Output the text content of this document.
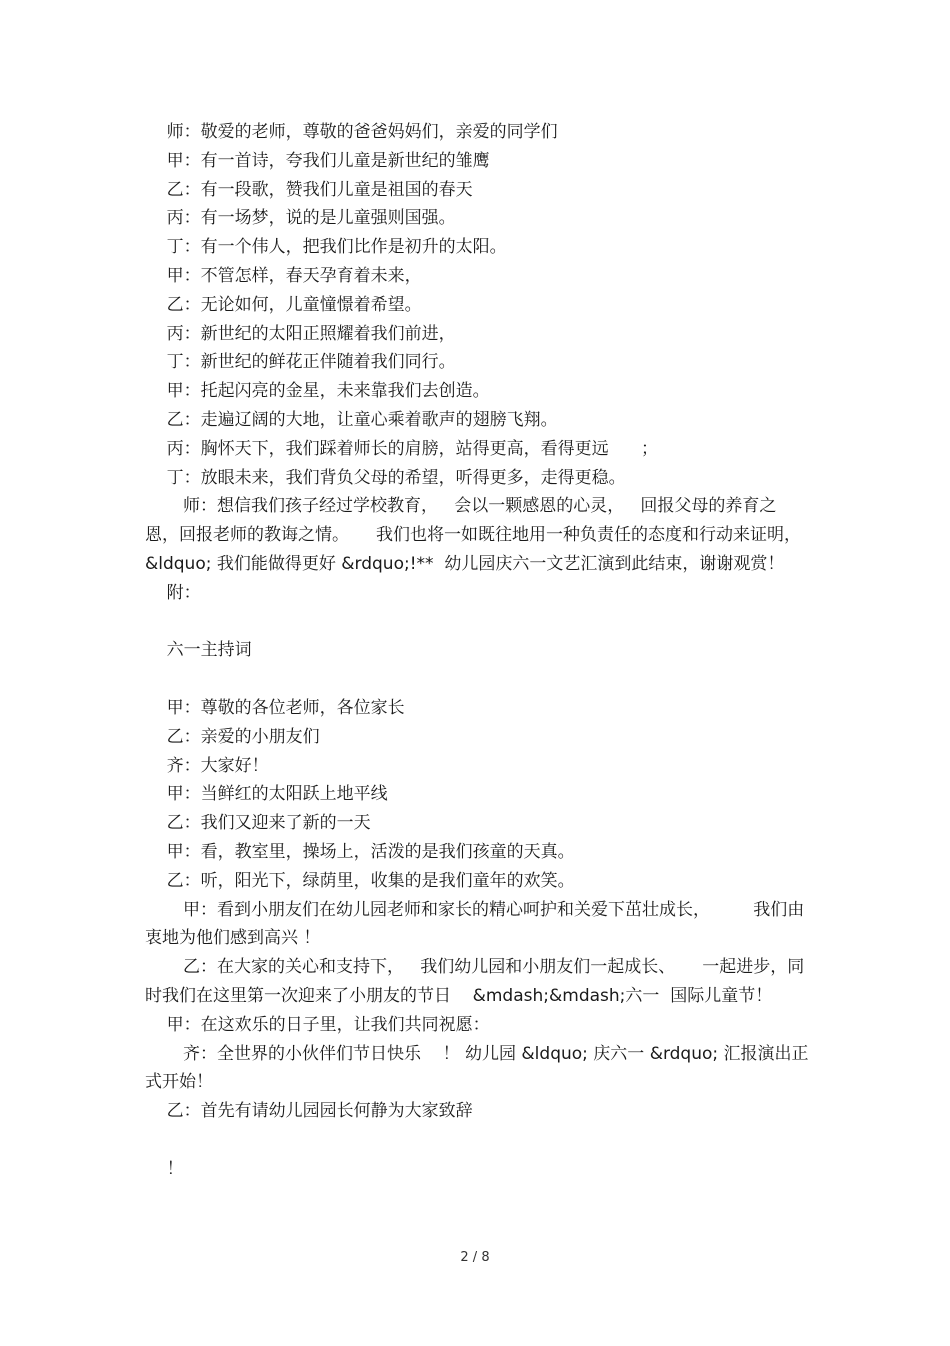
师：敬爱的老师，尊敬的爸爸妈妈们，亲爱的同学们
甲：有一首诗，夸我们儿童是新世纪的雏鹰
乙：有一段歌，赞我们儿童是祖国的春天
丙：有一场梦，说的是儿童强则国强。
丁：有一个伟人，把我们比作是初升的太阳。
甲：不管怎样，春天孕育着未来，
乙：无论如何，儿童憧憬着希望。
丙：新世纪的太阳正照耀着我们前进，
丁：新世纪的鲜花正伴随着我们同行。
甲：托起闪亮的金星，未来靠我们去创造。
乙：走遍辽阔的大地，让童心乘着歌声的翅膀飞翔。
丙：胸怀天下，我们踩着师长的肩膀，站得更高，看得更远      ；
丁：放眼未来，我们背负父母的希望，听得更多，走得更稳。
师：想信我们孩子经过学校教育，   会以一颗感恩的心灵，   回报父母的养育之恩，回报老师的教诲之情。     我们也将一如既往地用一种负责任的态度和行动来证明， &ldquo; 我们能做得更好 &rdquo;!**  幼儿园庆六一文艺汇演到此结束，谢谢观赏！
附：
六一主持词
甲：尊敬的各位老师，各位家长
乙：亲爱的小朋友们
齐：大家好！
甲：当鲜红的太阳跃上地平线
乙：我们又迎来了新的一天
甲：看，教室里，操场上，活泼的是我们孩童的天真。
乙：听，阳光下，绿荫里，收集的是我们童年的欢笑。
甲：看到小朋友们在幼儿园老师和家长的精心呵护和关爱下茁壮成长，        我们由衷地为他们感到高兴 ！
乙：在大家的关心和支持下，   我们幼儿园和小朋友们一起成长、     一起进步，同时我们在这里第一次迎来了小朋友的节日    &mdash;&mdash;六一  国际儿童节！
甲：在这欢乐的日子里，让我们共同祝愿：
齐：全世界的小伙伴们节日快乐    ！ 幼儿园 &ldquo; 庆六一 &rdquo; 汇报演出正式开始！
乙：首先有请幼儿园园长何静为大家致辞
！
2 / 8
